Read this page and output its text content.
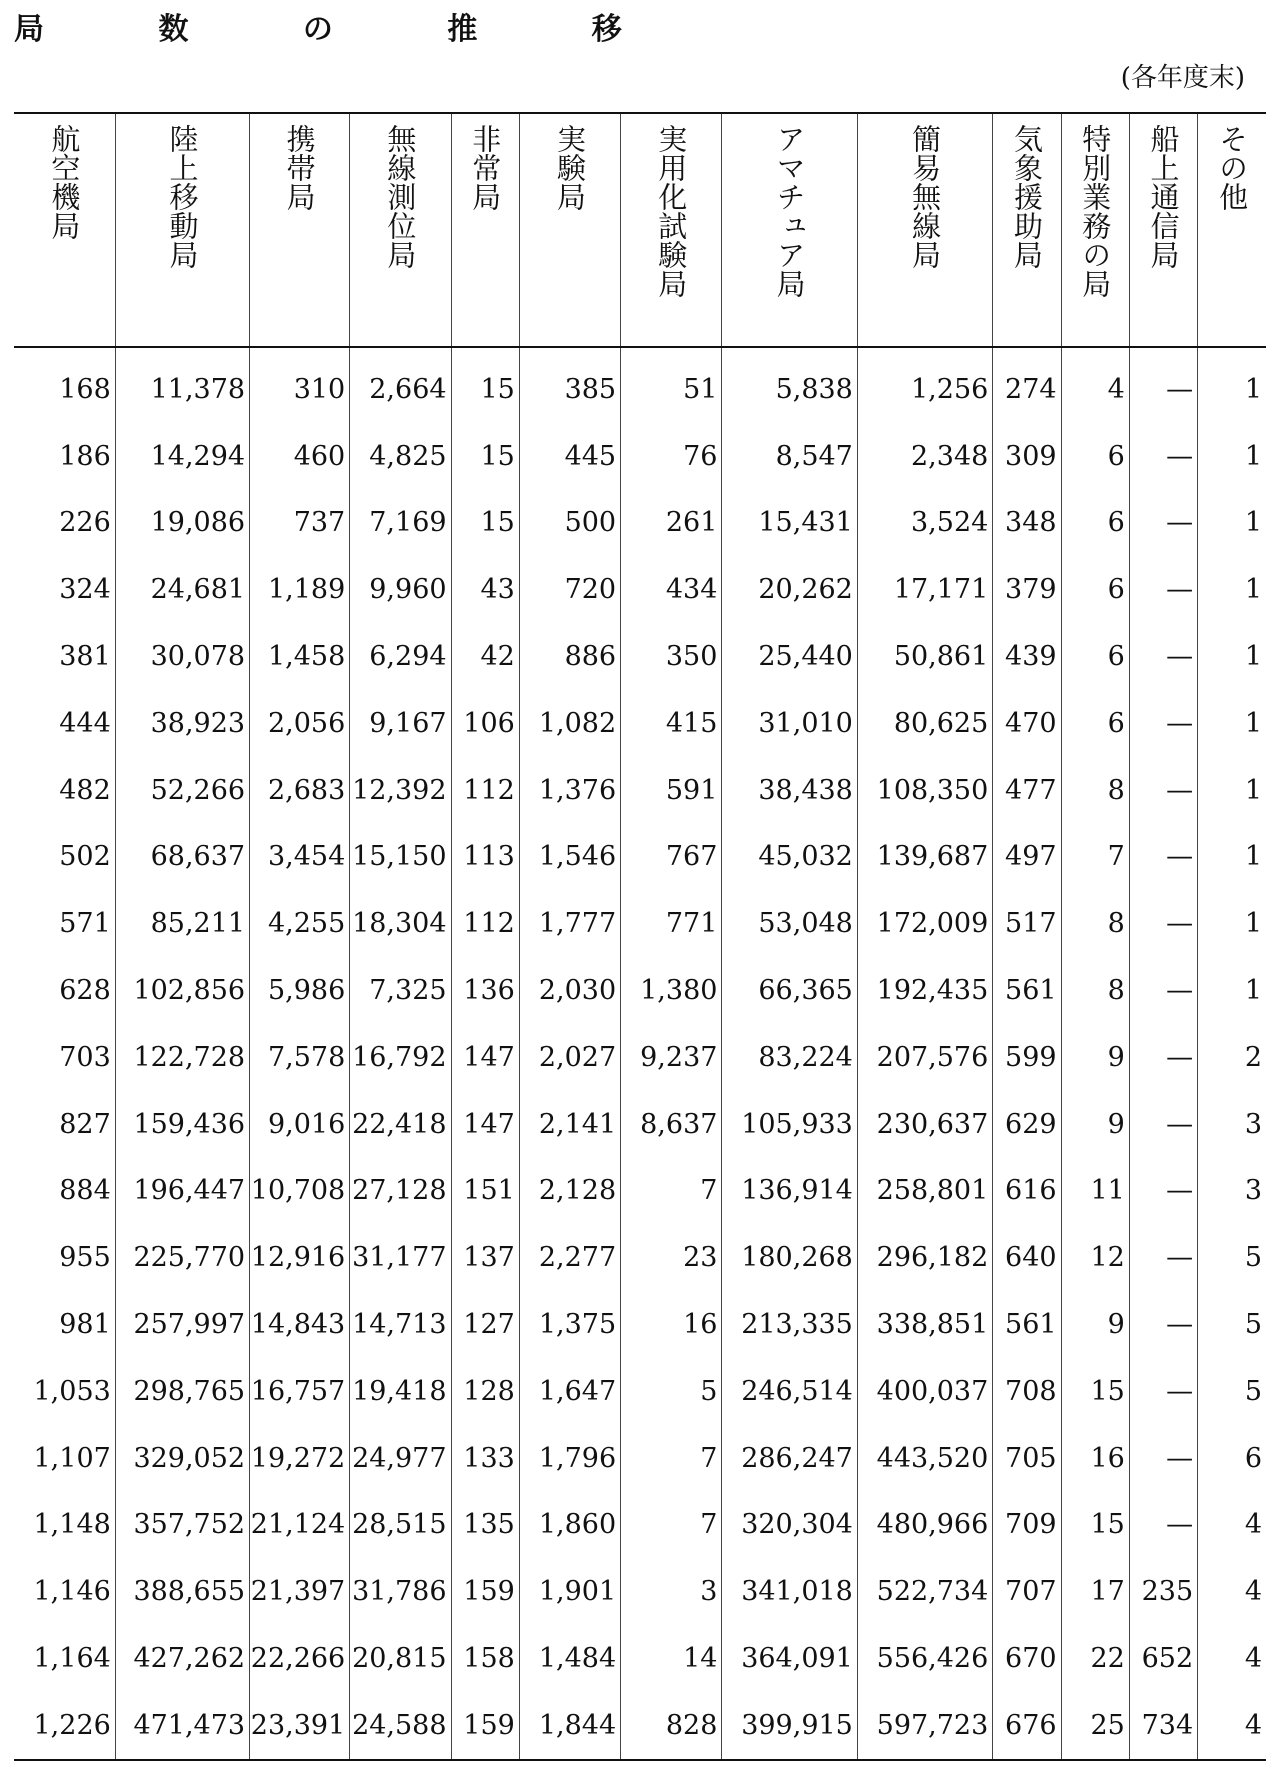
局 数 の 推 移
(各年度末)
航空機局	陸上移動局	携帯局	無線測位局	非常局	実験局	実用化試験局	アマチュア局	簡易無線局	気象援助局	特別業務の局	船上通信局	その他

168	11,378	310	2,664	15	385	51	5,838	1,256	274	4	—	1
186	14,294	460	4,825	15	445	76	8,547	2,348	309	6	—	1
226	19,086	737	7,169	15	500	261	15,431	3,524	348	6	—	1
324	24,681	1,189	9,960	43	720	434	20,262	17,171	379	6	—	1
381	30,078	1,458	6,294	42	886	350	25,440	50,861	439	6	—	1
444	38,923	2,056	9,167	106	1,082	415	31,010	80,625	470	6	—	1
482	52,266	2,683	12,392	112	1,376	591	38,438	108,350	477	8	—	1
502	68,637	3,454	15,150	113	1,546	767	45,032	139,687	497	7	—	1
571	85,211	4,255	18,304	112	1,777	771	53,048	172,009	517	8	—	1
628	102,856	5,986	7,325	136	2,030	1,380	66,365	192,435	561	8	—	1
703	122,728	7,578	16,792	147	2,027	9,237	83,224	207,576	599	9	—	2
827	159,436	9,016	22,418	147	2,141	8,637	105,933	230,637	629	9	—	3
884	196,447	10,708	27,128	151	2,128	7	136,914	258,801	616	11	—	3
955	225,770	12,916	31,177	137	2,277	23	180,268	296,182	640	12	—	5
981	257,997	14,843	14,713	127	1,375	16	213,335	338,851	561	9	—	5
1,053	298,765	16,757	19,418	128	1,647	5	246,514	400,037	708	15	—	5
1,107	329,052	19,272	24,977	133	1,796	7	286,247	443,520	705	16	—	6
1,148	357,752	21,124	28,515	135	1,860	7	320,304	480,966	709	15	—	4
1,146	388,655	21,397	31,786	159	1,901	3	341,018	522,734	707	17	235	4
1,164	427,262	22,266	20,815	158	1,484	14	364,091	556,426	670	22	652	4
1,226	471,473	23,391	24,588	159	1,844	828	399,915	597,723	676	25	734	4
